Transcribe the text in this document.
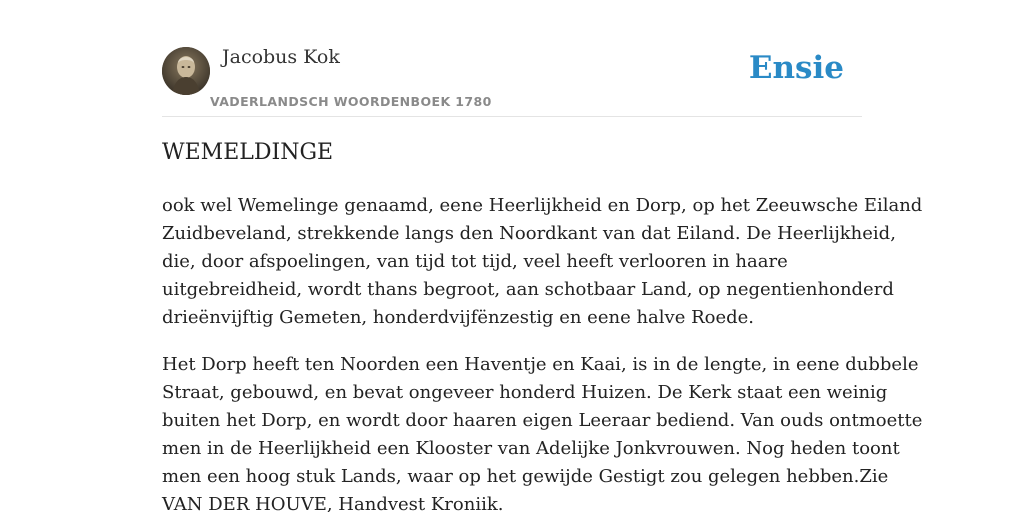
Jacobus Kok
VADERLANDSCH WOORDENBOEK 1780
Ensie
WEMELDINGE
ook wel Wemelinge genaamd, eene Heerlijkheid en Dorp, op het Zeeuwsche Eiland
Zuidbeveland, strekkende langs den Noordkant van dat Eiland. De Heerlijkheid,
die, door afspoelingen, van tijd tot tijd, veel heeft verlooren in haare
uitgebreidheid, wordt thans begroot, aan schotbaar Land, op negentienhonderd
drieënvijftig Gemeten, honderdvijfënzestig en eene halve Roede.
Het Dorp heeft ten Noorden een Haventje en Kaai, is in de lengte, in eene dubbele
Straat, gebouwd, en bevat ongeveer honderd Huizen. De Kerk staat een weinig
buiten het Dorp, en wordt door haaren eigen Leeraar bediend. Van ouds ontmoette
men in de Heerlijkheid een Klooster van Adelijke Jonkvrouwen. Nog heden toont
men een hoog stuk Lands, waar op het gewijde Gestigt zou gelegen hebben.Zie
VAN DER HOUVE, Handvest Kroniik.
